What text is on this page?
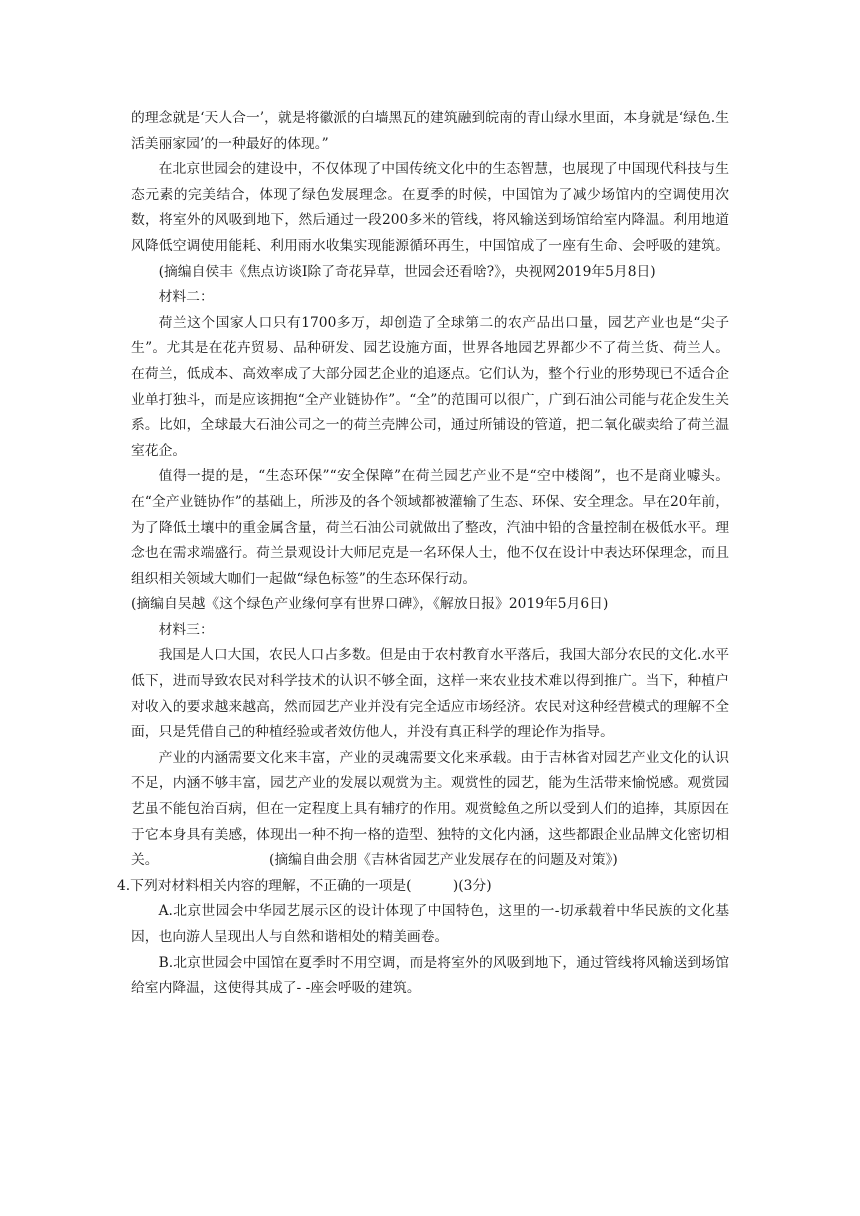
的理念就是‘天人合一’，就是将徽派的白墙黑瓦的建筑融到皖南的青山绿水里面，本身就是‘绿色.生活美丽家园’的一种最好的体现。”

在北京世园会的建设中，不仅体现了中国传统文化中的生态智慧，也展现了中国现代科技与生态元素的完美结合，体现了绿色发展理念。在夏季的时候，中国馆为了减少场馆内的空调使用次数，将室外的风吸到地下，然后通过一段200多米的管线，将风输送到场馆给室内降温。利用地道风降低空调使用能耗、利用雨水收集实现能源循环再生，中国馆成了一座有生命、会呼吸的建筑。(摘编自侯丰《焦点访谈Ⅰ除了奇花异草，世园会还看啥?》，央视网2019年5月8日)

材料二：

荷兰这个国家人口只有1700多万，却创造了全球第二的农产品出口量，园艺产业也是“尖子生”。尤其是在花卉贸易、品种研发、园艺设施方面，世界各地园艺界都少不了荷兰货、荷兰人。在荷兰，低成本、高效率成了大部分园艺企业的追逐点。它们认为，整个行业的形势现已不适合企业单打独斗，而是应该拥抱“全产业链协作”。“全”的范围可以很广，广到石油公司能与花企发生关系。比如，全球最大石油公司之一的荷兰壳牌公司，通过所铺设的管道，把二氧化碳卖给了荷兰温室花企。

值得一提的是，“生态环保”“安全保障”在荷兰园艺产业不是“空中楼阁”，也不是商业噱头。在“全产业链协作”的基础上，所涉及的各个领域都被灌输了生态、环保、安全理念。早在20年前，为了降低土壤中的重金属含量，荷兰石油公司就做出了整改，汽油中铅的含量控制在极低水平。理念也在需求端盛行。荷兰景观设计大师尼克是一名环保人士，他不仅在设计中表达环保理念，而且组织相关领域大咖们一起做“绿色标签”的生态环保行动。

(摘编自吴越《这个绿色产业缘何享有世界口碑》，《解放日报》2019年5月6日)

材料三：

我国是人口大国，农民人口占多数。但是由于农村教育水平落后，我国大部分农民的文化.水平低下，进而导致农民对科学技术的认识不够全面，这样一来农业技术难以得到推广。当下，种植户对收入的要求越来越高，然而园艺产业并没有完全适应市场经济。农民对这种经营模式的理解不全面，只是凭借自己的种植经验或者效仿他人，并没有真正科学的理论作为指导。

产业的内涵需要文化来丰富，产业的灵魂需要文化来承载。由于吉林省对园艺产业文化的认识不足，内涵不够丰富，园艺产业的发展以观赏为主。观赏性的园艺，能为生活带来愉悦感。观赏园艺虽不能包治百病，但在一定程度上具有辅疗的作用。观赏鲶鱼之所以受到人们的追捧，其原因在于它本身具有美感，体现出一种不拘一格的造型、独特的文化内涵，这些都跟企业品牌文化密切相关。	(摘编自曲会朋《吉林省园艺产业发展存在的问题及对策》)

4.下列对材料相关内容的理解，不正确的一项是(　　　)(3分)

A.北京世园会中华园艺展示区的设计体现了中国特色，这里的一-切承载着中华民族的文化基因，也向游人呈现出人与自然和谐相处的精美画卷。

B.北京世园会中国馆在夏季时不用空调，而是将室外的风吸到地下，通过管线将风输送到场馆给室内降温，这使得其成了- -座会呼吸的建筑。
